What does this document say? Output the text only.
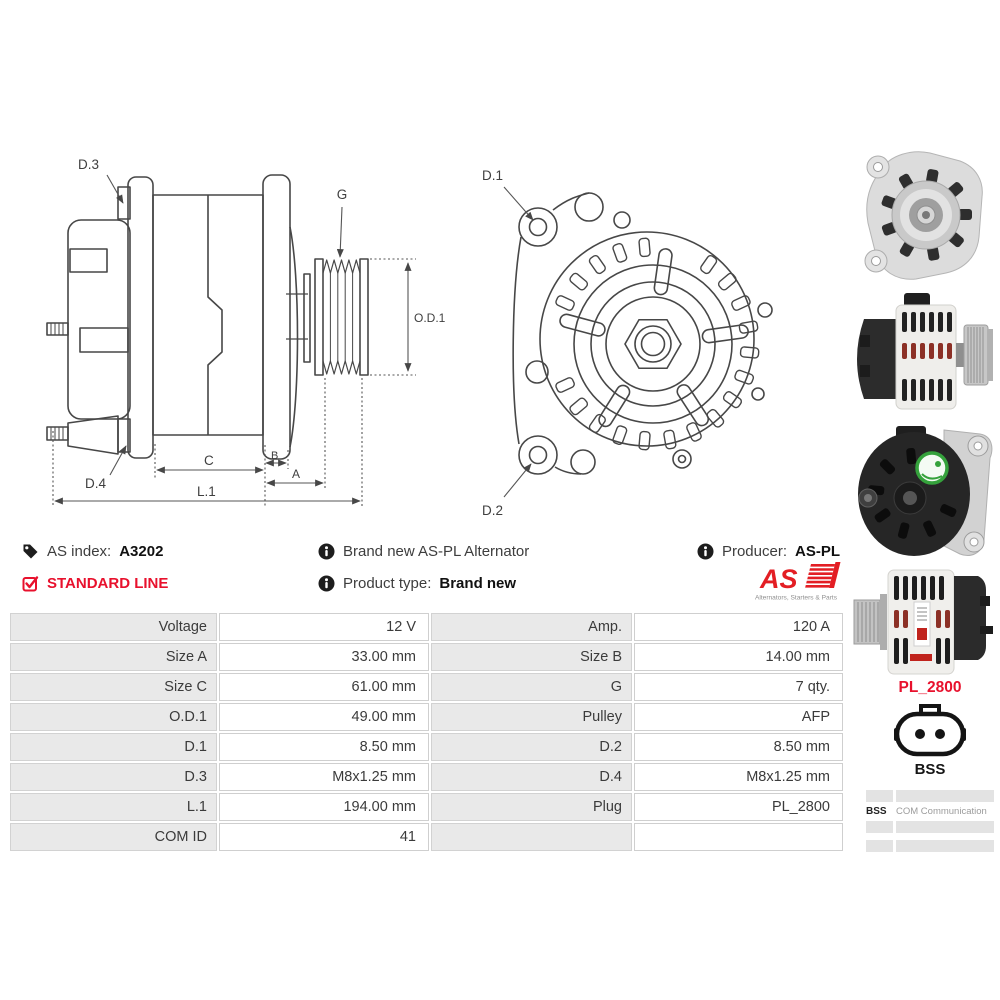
D.3
G
O.D.1
D.4
C	B
A
L.1
D.1
D.2
AS index: A3202
STANDARD LINE
Brand new AS-PL Alternator
Product type: Brand new
Producer: AS-PL
AS
Alternators, Starters & Parts
Voltage	12 V	Amp.	120 A
Size A	33.00 mm	Size B	14.00 mm
Size C	61.00 mm	G	7 qty.
O.D.1	49.00 mm	Pulley	AFP
D.1	8.50 mm	D.2	8.50 mm
D.3	M8x1.25 mm	D.4	M8x1.25 mm
L.1	194.00 mm	Plug	PL_2800
COM ID	41
PL_2800
BSS
BSS COM Communication
